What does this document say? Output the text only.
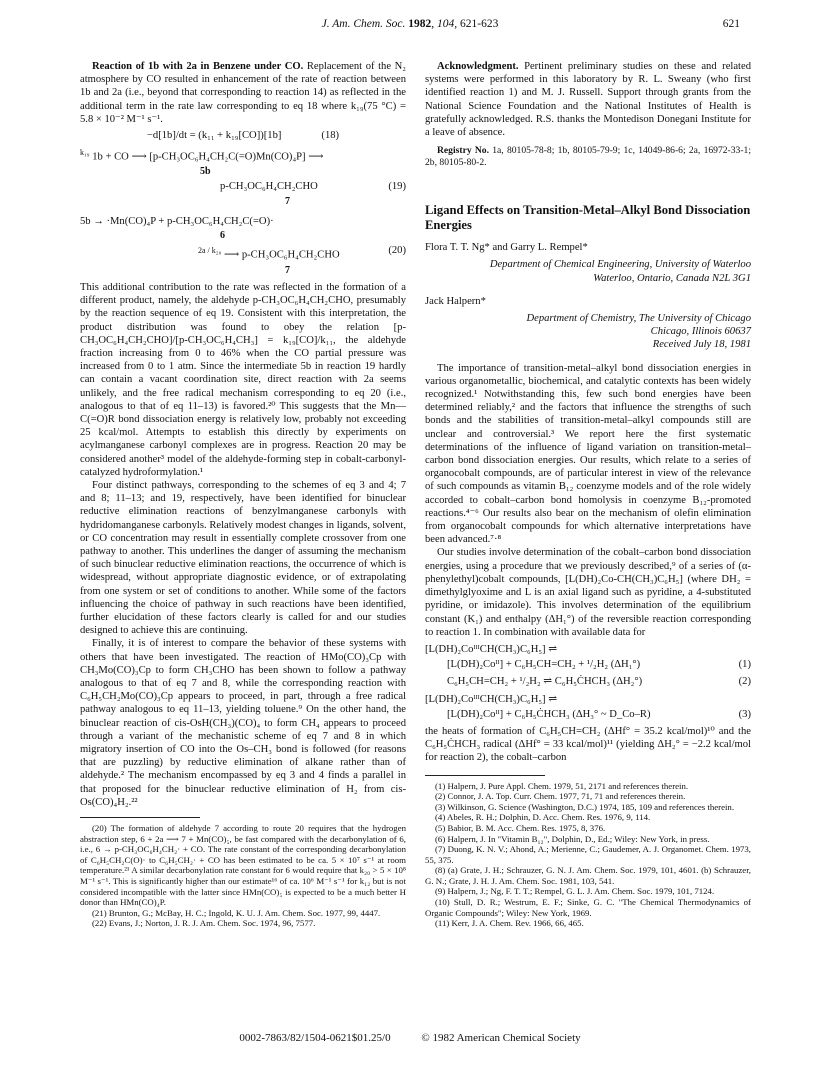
J. Am. Chem. Soc. 1982, 104, 621-623	621

Reaction of 1b with 2a in Benzene under CO. Replacement of the N₂ atmosphere by CO resulted in enhancement of the rate of reaction between 1b and 2a (i.e., beyond that corresponding to reaction 14) as reflected in the additional term in the rate law corresponding to eq 18 where k₁₉(75 °C) = 5.8 × 10⁻² M⁻¹ s⁻¹.

−d[1b]/dt = (k₁₁ + k₁₉[CO])[1b]	(18)
$^{k_{19}}$ 1b + CO ⟶ [p-CH₃OC₆H₄CH₂C(=O)Mn(CO)₄P] ⟶
5b
p-CH₃OC₆H₄CH₂CHO	(19)
7
5b → ·Mn(CO)₄P + p-CH₃OC₆H₄CH₂C(=O)·
6
$^{2a / k_{20}}$ ⟶ p-CH₃OC₆H₄CH₂CHO	(20)
7

This additional contribution to the rate was reflected in the formation of a different product, namely, the aldehyde p-CH₃OC₆H₄CH₂CHO, presumably by the reaction sequence of eq 19. Consistent with this interpretation, the product distribution was found to obey the relation [p-CH₃OC₆H₄CH₂CHO]/[p-CH₃OC₆H₄CH₃] = k₁₉[CO]/k₁₁, the aldehyde fraction increasing from 0 to 46% when the CO partial pressure was increased from 0 to 1 atm. Since the intermediate 5b in reaction 19 hardly can contain a vacant coordination site, direct reaction with 2a seems unlikely, and the free radical mechanism corresponding to eq 20 (i.e., analogous to that of eq 11–13) is favored.²⁰ This suggests that the Mn—C(=O)R bond dissociation energy is relatively low, probably not exceeding 25 kcal/mol. Attempts to establish this directly by experiments on acylmanganese carbonyl complexes are in progress. Reaction 20 may be considered another³ model of the aldehyde-forming step in cobalt-carbonyl-catalyzed hydroformylation.¹

Four distinct pathways, corresponding to the schemes of eq 3 and 4; 7 and 8; 11–13; and 19, respectively, have been identified for binuclear reductive elimination reactions of benzylmanganese carbonyls with hydridomanganese carbonyls. Relatively modest changes in ligands, solvent, or CO concentration may result in essentially complete crossover from one pathway to another. This underlines the danger of assuming the mechanism of such binuclear reductive elimination reactions, the occurrence of which is widespread, without appropriate diagnostic evidence, or of extrapolating from one system or set of conditions to another. While some of the factors influencing the choice of pathway in such reactions have been identified, further elucidation of these factors clearly is called for and our studies designed to achieve this are continuing.

Finally, it is of interest to compare the behavior of these systems with others that have been investigated. The reaction of HMo(CO)₃Cp with CH₃Mo(CO)₃Cp to form CH₃CHO has been shown to follow a pathway analogous to that of eq 7 and 8, while the corresponding reaction with C₆H₅CH₂Mo(CO)₃Cp appears to proceed, in part, through a free radical pathway analogous to eq 11–13, yielding toluene.⁹ On the other hand, the binuclear reaction of cis-OsH(CH₃)(CO)₄ to form CH₄ appears to proceed through a variant of the mechanistic scheme of eq 7 and 8 in which migratory insertion of CO into the Os–CH₃ bond is followed (for reasons that are puzzling) by reductive elimination of alkane rather than of aldehyde.² The mechanism encompassed by eq 3 and 4 finds a parallel in that proposed for the binuclear reductive elimination of H₂ from cis-Os(CO)₄H₂.²²

(20) The formation of aldehyde 7 according to route 20 requires that the hydrogen abstraction step, 6 + 2a ⟶ 7 + Mn(CO)₅, be fast compared with the decarbonylation of 6, i.e., 6 → p-CH₃OC₆H₄CH₂· + CO. The rate constant of the corresponding decarbonylation of C₆H₅CH₂C(O)· to C₆H₅CH₂· + CO has been estimated to be ca. 5 × 10⁷ s⁻¹ at room temperature.²¹ A similar decarbonylation rate constant for 6 would require that k₂₀ > 5 × 10⁸ M⁻¹ s⁻¹. This is significantly higher than our estimate¹⁶ of ca. 10⁶ M⁻¹ s⁻¹ for k₁₂ but is not considered incompatible with the latter since HMn(CO)₅ is expected to be a much better H donor than HMn(CO)₄P.

(21) Brunton, G.; McBay, H. C.; Ingold, K. U. J. Am. Chem. Soc. 1977, 99, 4447.

(22) Evans, J.; Norton, J. R. J. Am. Chem. Soc. 1974, 96, 7577.

Acknowledgment. Pertinent preliminary studies on these and related systems were performed in this laboratory by R. L. Sweany (who first identified reaction 1) and M. J. Russell. Support through grants from the National Science Foundation and the National Institutes of Health is gratefully acknowledged. R.S. thanks the Montedison Donegani Institute for a leave of absence.

Registry No. 1a, 80105-78-8; 1b, 80105-79-9; 1c, 14049-86-6; 2a, 16972-33-1; 2b, 80105-80-2.

Ligand Effects on Transition-Metal–Alkyl Bond Dissociation Energies

Flora T. T. Ng* and Garry L. Rempel*

Department of Chemical Engineering, University of Waterloo

Waterloo, Ontario, Canada N2L 3G1

Jack Halpern*

Department of Chemistry, The University of Chicago

Chicago, Illinois 60637

Received July 18, 1981

The importance of transition-metal–alkyl bond dissociation energies in various organometallic, biochemical, and catalytic contexts has been widely recognized.¹ Notwithstanding this, few such bond energies have been determined reliably,² and the factors that influence the strengths of such bonds and the stabilities of transition-metal–alkyl compounds still are unclear and controversial.³ We report here the first systematic determinations of the influence of ligand variation on transition-metal–carbon bond dissociation energies. Our results, which relate to a series of organocobalt compounds, are of particular interest in view of the relevance of such compounds as vitamin B₁₂ coenzyme models and of the role widely accorded to cobalt–carbon bond homolysis in coenzyme B₁₂-promoted reactions.⁴⁻⁶ Our results also bear on the mechanism of olefin elimination from organocobalt compounds for which alternative interpretations have been advanced.⁷·⁸

Our studies involve determination of the cobalt–carbon bond dissociation energies, using a procedure that we previously described,⁹ of a series of (α-phenylethyl)cobalt compounds, [L(DH)₂Co-CH(CH₃)C₆H₅] (where DH₂ = dimethylglyoxime and L is an axial ligand such as pyridine, a 4-substituted pyridine, or imidazole). This involves determination of the equilibrium constant (K₁) and enthalpy (ΔH₁°) of the reversible reaction corresponding to reaction 1. In combination with available data for

[L(DH)₂CoᴵᴵᴵCH(CH₃)C₆H₅] ⇌
[L(DH)₂Coᴵᴵ] + C₆H₅CH=CH₂ + ¹/₂H₂ (ΔH₁°)	(1)
C₆H₅CH=CH₂ + ¹/₂H₂ ⇌ C₆H₅ĊHCH₃ (ΔH₂°)	(2)
[L(DH)₂CoᴵᴵᴵCH(CH₃)C₆H₅] ⇌
[L(DH)₂Coᴵᴵ] + C₆H₅ĊHCH₃ (ΔH₃° ~ D_Co–R)	(3)

the heats of formation of C₆H₅CH=CH₂ (ΔHf° = 35.2 kcal/mol)¹⁰ and the C₆H₅ĊHCH₃ radical (ΔHf° = 33 kcal/mol)¹¹ (yielding ΔH₂° = −2.2 kcal/mol for reaction 2), the cobalt–carbon

(1) Halpern, J. Pure Appl. Chem. 1979, 51, 2171 and references therein.

(2) Connor, J. A. Top. Curr. Chem. 1977, 71, 71 and references therein.

(3) Wilkinson, G. Science (Washington, D.C.) 1974, 185, 109 and references therein.

(4) Abeles, R. H.; Dolphin, D. Acc. Chem. Res. 1976, 9, 114.

(5) Babior, B. M. Acc. Chem. Res. 1975, 8, 376.

(6) Halpern, J. In "Vitamin B₁₂", Dolphin, D., Ed.; Wiley: New York, in press.

(7) Duong, K. N. V.; Ahond, A.; Merienne, C.; Gaudemer, A. J. Organomet. Chem. 1973, 55, 375.

(8) (a) Grate, J. H.; Schrauzer, G. N. J. Am. Chem. Soc. 1979, 101, 4601. (b) Schrauzer, G. N.; Grate, J. H. J. Am. Chem. Soc. 1981, 103, 541.

(9) Halpern, J.; Ng, F. T. T.; Rempel, G. L. J. Am. Chem. Soc. 1979, 101, 7124.

(10) Stull, D. R.; Westrum, E. F.; Sinke, G. C. "The Chemical Thermodynamics of Organic Compounds"; Wiley: New York, 1969.

(11) Kerr, J. A. Chem. Rev. 1966, 66, 465.

0002-7863/82/1504-0621$01.25/0	© 1982 American Chemical Society
